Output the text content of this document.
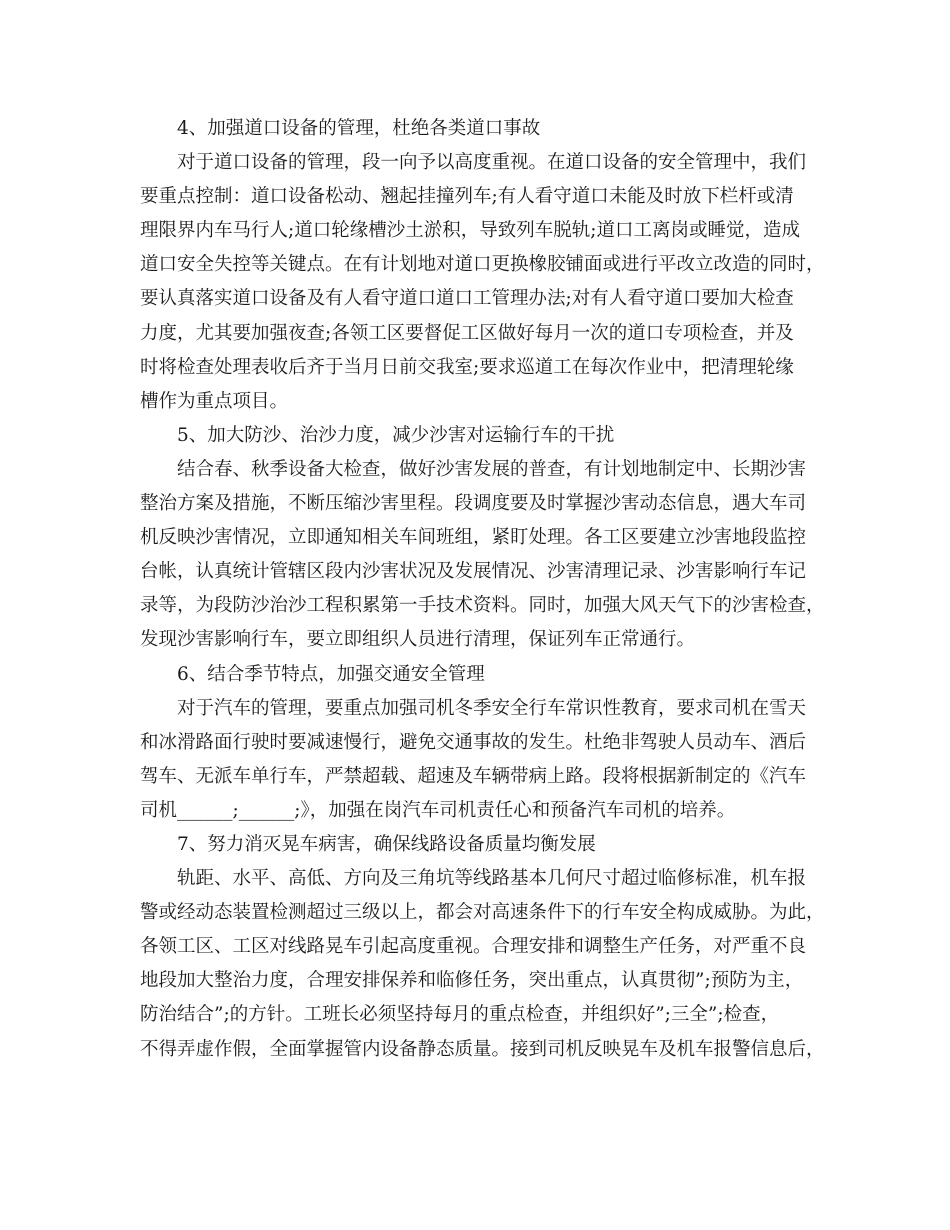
4、加强道口设备的管理，杜绝各类道口事故
对于道口设备的管理，段一向予以高度重视。在道口设备的安全管理中，我们
要重点控制：道口设备松动、翘起挂撞列车;有人看守道口未能及时放下栏杆或清
理限界内车马行人;道口轮缘槽沙土淤积，导致列车脱轨;道口工离岗或睡觉，造成
道口安全失控等关键点。在有计划地对道口更换橡胶铺面或进行平改立改造的同时，
要认真落实道口设备及有人看守道口道口工管理办法;对有人看守道口要加大检查
力度，尤其要加强夜查;各领工区要督促工区做好每月一次的道口专项检查，并及
时将检查处理表收后齐于当月日前交我室;要求巡道工在每次作业中，把清理轮缘
槽作为重点项目。
5、加大防沙、治沙力度，减少沙害对运输行车的干扰
结合春、秋季设备大检查，做好沙害发展的普查，有计划地制定中、长期沙害
整治方案及措施，不断压缩沙害里程。段调度要及时掌握沙害动态信息，遇大车司
机反映沙害情况，立即通知相关车间班组，紧盯处理。各工区要建立沙害地段监控
台帐，认真统计管辖区段内沙害状况及发展情况、沙害清理记录、沙害影响行车记
录等，为段防沙治沙工程积累第一手技术资料。同时，加强大风天气下的沙害检查，
发现沙害影响行车，要立即组织人员进行清理，保证列车正常通行。
6、结合季节特点，加强交通安全管理
对于汽车的管理，要重点加强司机冬季安全行车常识性教育，要求司机在雪天
和冰滑路面行驶时要减速慢行，避免交通事故的发生。杜绝非驾驶人员动车、酒后
驾车、无派车单行车，严禁超载、超速及车辆带病上路。段将根据新制定的《汽车
司机______;______;》，加强在岗汽车司机责任心和预备汽车司机的培养。
7、努力消灭晃车病害，确保线路设备质量均衡发展
轨距、水平、高低、方向及三角坑等线路基本几何尺寸超过临修标准，机车报
警或经动态装置检测超过三级以上，都会对高速条件下的行车安全构成威胁。为此，
各领工区、工区对线路晃车引起高度重视。合理安排和调整生产任务，对严重不良
地段加大整治力度，合理安排保养和临修任务，突出重点，认真贯彻”;预防为主，
防治结合”;的方针。工班长必须坚持每月的重点检查，并组织好”;三全”;检查，
不得弄虚作假，全面掌握管内设备静态质量。接到司机反映晃车及机车报警信息后，
